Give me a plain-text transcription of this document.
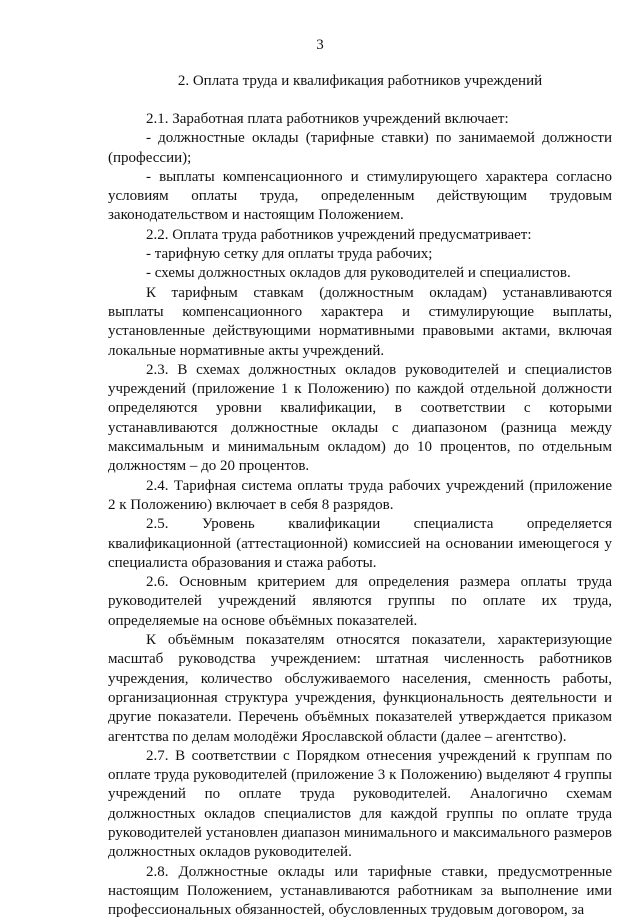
3
2. Оплата труда и квалификация работников учреждений

2.1. Заработная плата работников учреждений включает:

- должностные оклады (тарифные ставки) по занимаемой должности (профессии);

- выплаты компенсационного и стимулирующего характера согласно условиям оплаты труда, определенным действующим трудовым законодательством и настоящим Положением.

2.2. Оплата труда работников учреждений предусматривает:

- тарифную сетку для оплаты труда рабочих;

- схемы должностных окладов для руководителей и специалистов.

К тарифным ставкам (должностным окладам) устанавливаются выплаты компенсационного характера и стимулирующие выплаты, установленные действующими нормативными правовыми актами, включая локальные нормативные акты учреждений.

2.3. В схемах должностных окладов руководителей и специалистов учреждений (приложение 1 к Положению) по каждой отдельной должности определяются уровни квалификации, в соответствии с которыми устанавливаются должностные оклады с диапазоном (разница между максимальным и минимальным окладом) до 10 процентов, по отдельным должностям – до 20 процентов.

2.4. Тарифная система оплаты труда рабочих учреждений (приложение 2 к Положению) включает в себя 8 разрядов.

2.5. Уровень квалификации специалиста определяется квалификационной (аттестационной) комиссией на основании имеющегося у специалиста образования и стажа работы.

2.6. Основным критерием для определения размера оплаты труда руководителей учреждений являются группы по оплате их труда, определяемые на основе объёмных показателей.

К объёмным показателям относятся показатели, характеризующие масштаб руководства учреждением: штатная численность работников учреждения, количество обслуживаемого населения, сменность работы, организационная структура учреждения, функциональность деятельности и другие показатели. Перечень объёмных показателей утверждается приказом агентства по делам молодёжи Ярославской области (далее – агентство).

2.7. В соответствии с Порядком отнесения учреждений к группам по оплате труда руководителей (приложение 3 к Положению) выделяют 4 группы учреждений по оплате труда руководителей. Аналогично схемам должностных окладов специалистов для каждой группы по оплате труда руководителей установлен диапазон минимального и максимального размеров должностных окладов руководителей.

2.8. Должностные оклады или тарифные ставки, предусмотренные настоящим Положением, устанавливаются работникам за выполнение ими профессиональных обязанностей, обусловленных трудовым договором, за
